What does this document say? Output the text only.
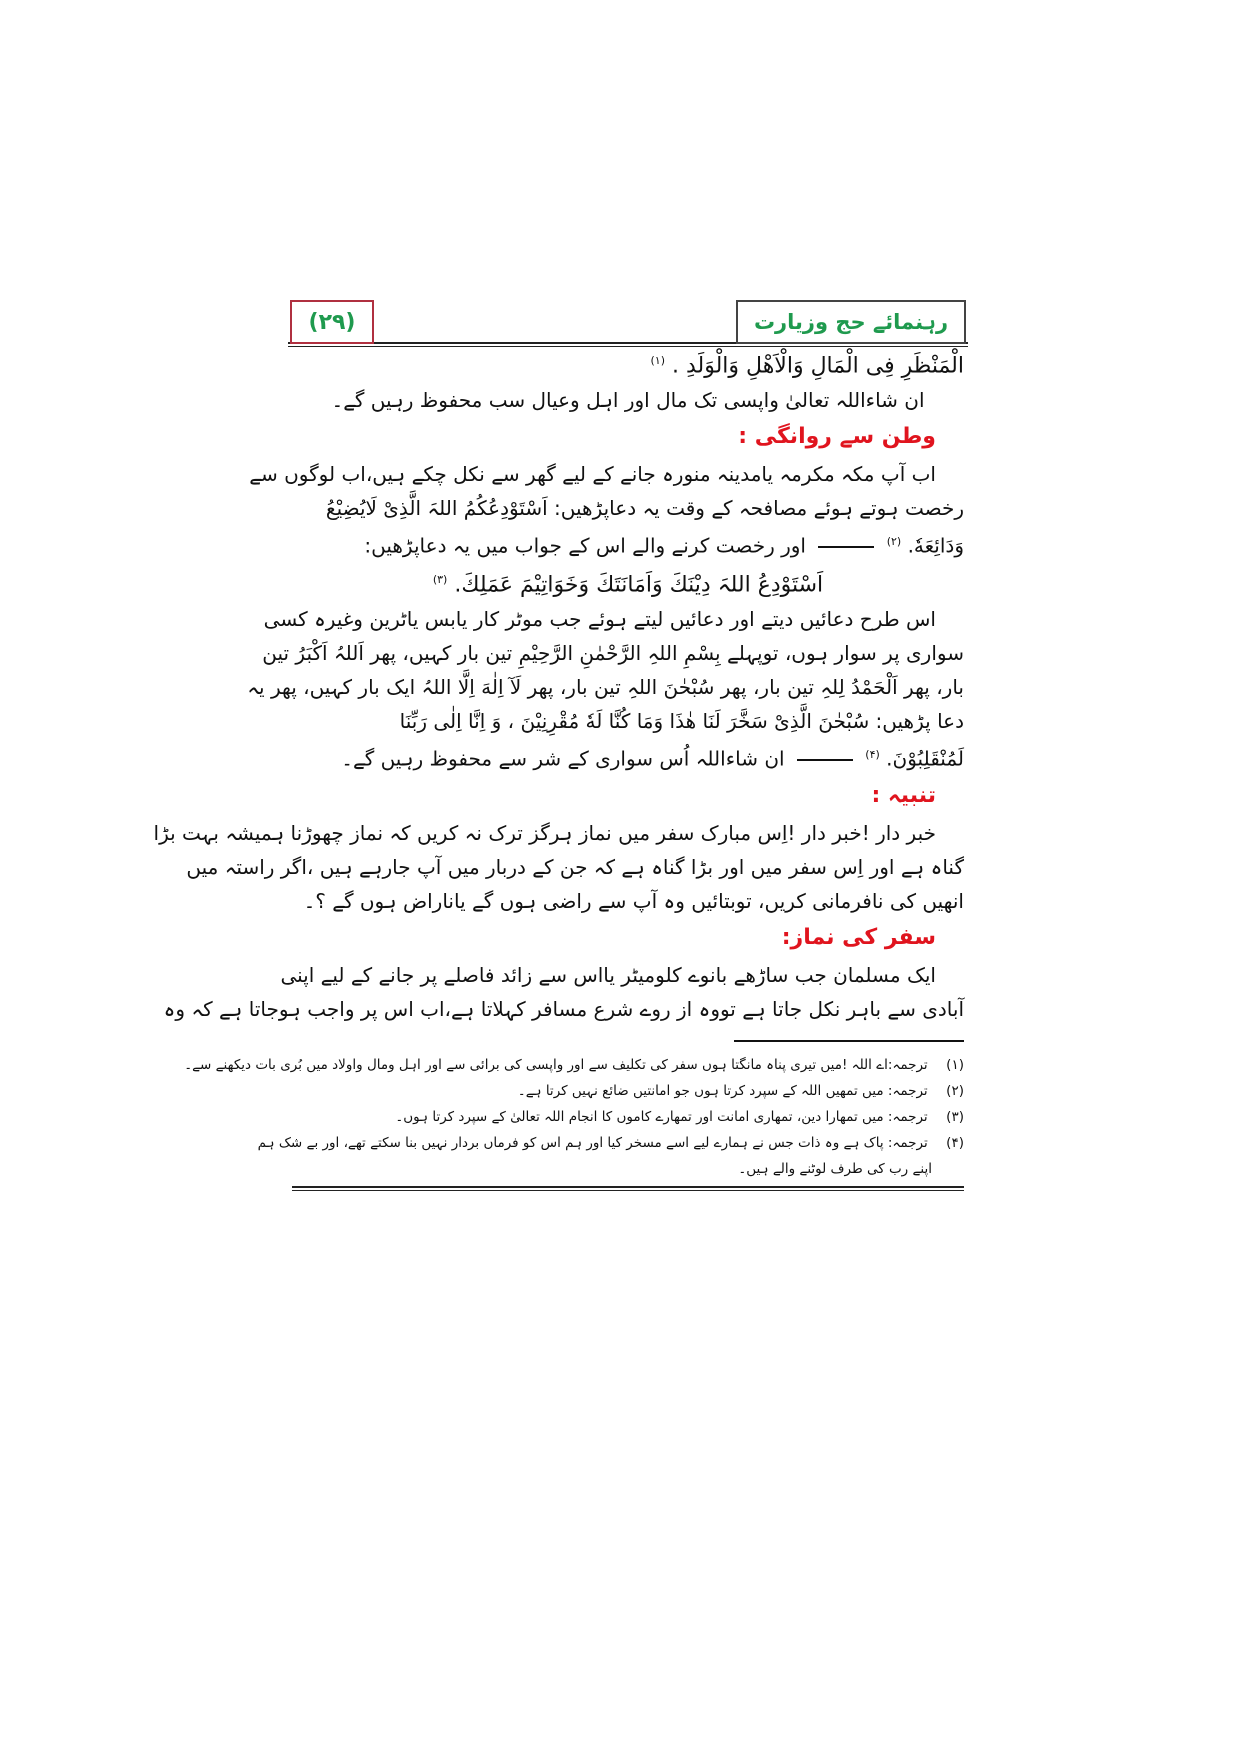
(۲۹)	رہنمائے حج وزیارت
الْمَنْظَرِ فِی الْمَالِ وَالْاَهْلِ وَالْوَلَدِ . $^{(۱)}$
ان شاءاللہ تعالیٰ واپسی تک مال اور اہل وعیال سب محفوظ رہیں گے۔
وطن سے روانگی :
اب آپ مکہ مکرمہ یامدینہ منورہ جانے کے لیے گھر سے نکل چکے ہیں،اب لوگوں سے
رخصت ہوتے ہوئے مصافحہ کے وقت یہ دعاپڑھیں: اَسْتَوْدِعُکُمُ اللہَ الَّذِیْ لَایُضِیْعُ
وَدَائِعَهٗ. $^{(۲)}$  اور رخصت کرنے والے اس کے جواب میں یہ دعاپڑھیں:
اَسْتَوْدِعُ اللہَ دِیْنَكَ وَاَمَانَتَكَ وَخَوَاتِیْمَ عَمَلِكَ. $^{(۳)}$
اس طرح دعائیں دیتے اور دعائیں لیتے ہوئے جب موٹر کار یابس یاٹرین وغیرہ کسی
سواری پر سوار ہوں، توپہلے بِسْمِ اللہِ الرَّحْمٰنِ الرَّحِیْمِ تین بار کہیں، پھر اَللہُ اَکْبَرُ تین
بار، پھر اَلْحَمْدُ لِلہِ تین بار، پھر سُبْحٰنَ اللہِ تین بار، پھر لَآ اِلٰهَ اِلَّا اللہُ ایک بار کہیں، پھر یہ
دعا پڑھیں: سُبْحٰنَ الَّذِیْ سَخَّرَ لَنَا هٰذَا وَمَا کُنَّا لَهٗ مُقْرِنِیْنَ ، وَ اِنَّا اِلٰی رَبِّنَا
لَمُنْقَلِبُوْنَ. $^{(۴)}$  ان شاءاللہ اُس سواری کے شر سے محفوظ رہیں گے۔
تنبیہ :
خبر دار !خبر دار !اِس مبارک سفر میں نماز ہرگز ترک نہ کریں کہ نماز چھوڑنا ہمیشہ بہت بڑا
گناہ ہے اور اِس سفر میں اور بڑا گناہ ہے کہ جن کے دربار میں آپ جارہے ہیں ،اگر راستہ میں
انھیں کی نافرمانی کریں، توبتائیں وہ آپ سے راضی ہوں گے یاناراض ہوں گے ؟۔
سفر کی نماز:
ایک مسلمان جب ساڑھے بانوے کلومیٹر یااس سے زائد فاصلے پر جانے کے لیے اپنی
آبادی سے باہر نکل جاتا ہے تووہ از روے شرع مسافر کہلاتا ہے،اب اس پر واجب ہوجاتا ہے کہ وہ
(۱) ترجمہ:اے اللہ !میں تیری پناہ مانگتا ہوں سفر کی تکلیف سے اور واپسی کی برائی سے اور اہل ومال واولاد میں بُری بات دیکھنے سے۔
(۲) ترجمہ: میں تمھیں اللہ کے سپرد کرتا ہوں جو امانتیں ضائع نہیں کرتا ہے۔
(۳) ترجمہ: میں تمھارا دین، تمھاری امانت اور تمھارے کاموں کا انجام اللہ تعالیٰ کے سپرد کرتا ہوں۔
(۴) ترجمہ: پاک ہے وہ ذات جس نے ہمارے لیے اسے مسخر کیا اور ہم اس کو فرماں بردار نہیں بنا سکتے تھے، اور بے شک ہم
اپنے رب کی طرف لوٹنے والے ہیں۔
